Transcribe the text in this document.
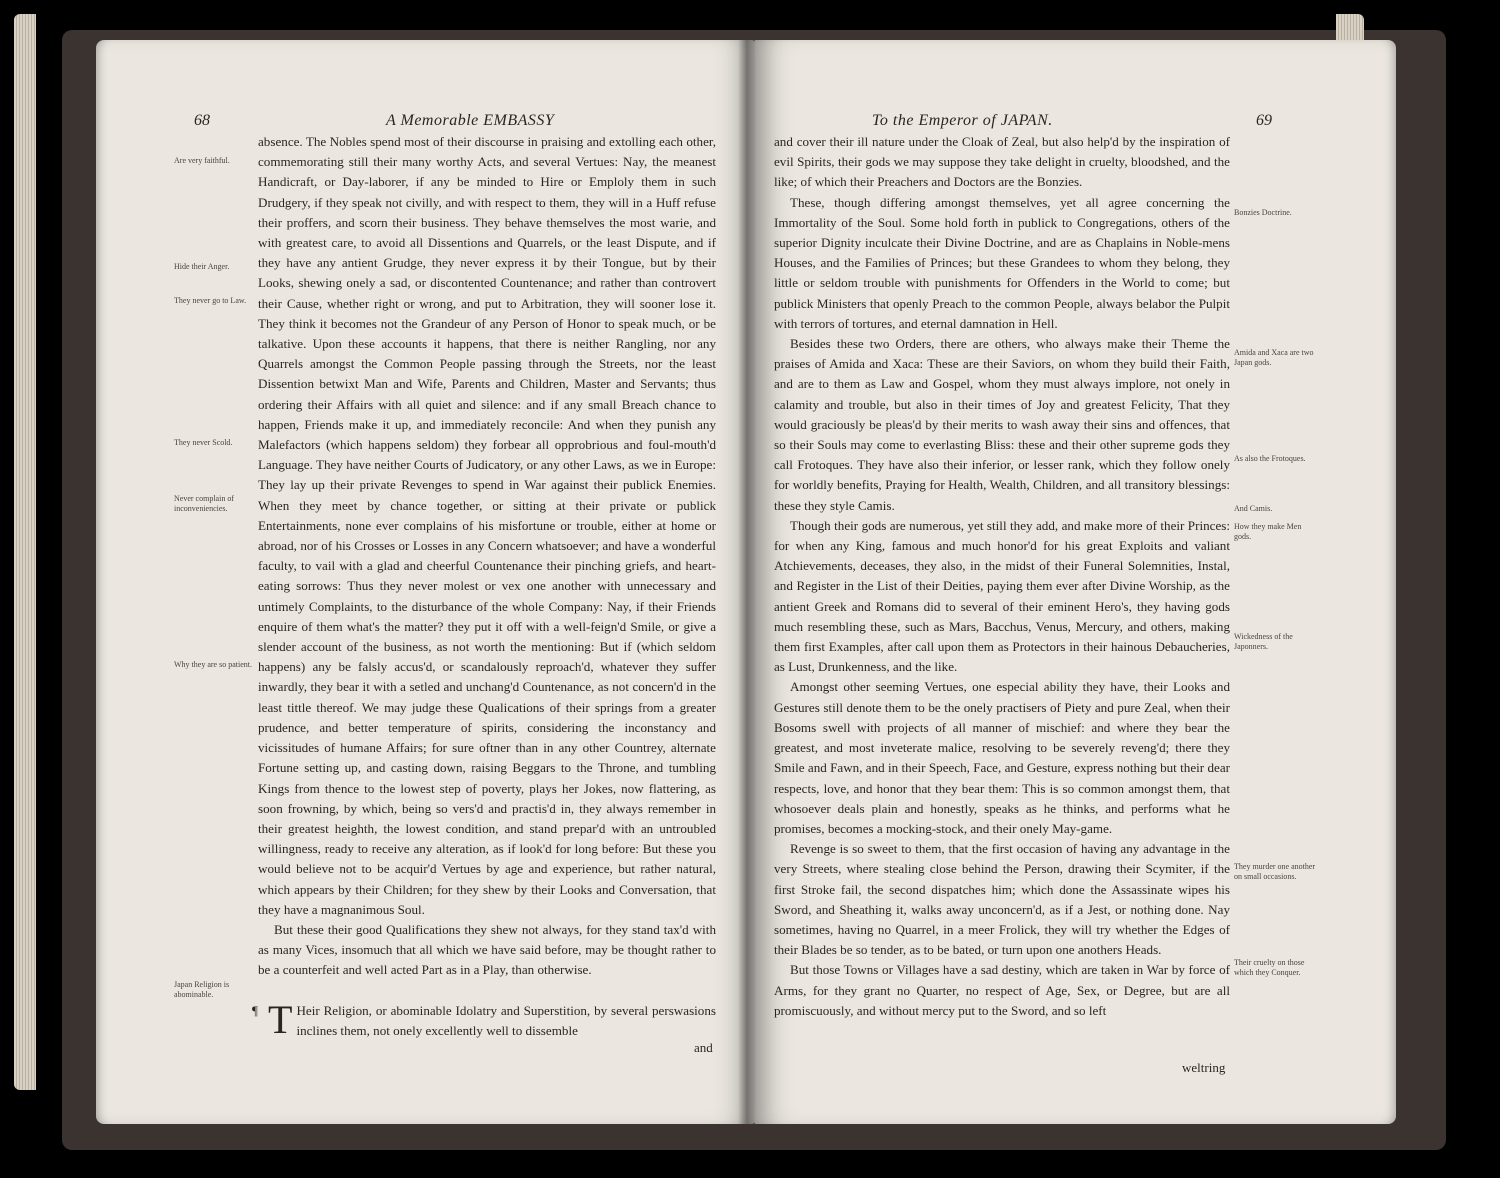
68	A Memorable EMBASSY
Are very faithful.
Hide their Anger.
They never go to Law.
They never Scold.
Never complain of inconveniencies.
Why they are so patient.
Japan Religion is abominable.

absence. The Nobles spend most of their discourse in praising and extolling each other, commemorating still their many worthy Acts, and several Vertues: Nay, the meanest Handicraft, or Day-laborer, if any be minded to Hire or Emploly them in such Drudgery, if they speak not civilly, and with respect to them, they will in a Huff refuse their proffers, and scorn their business. They behave themselves the most warie, and with greatest care, to avoid all Dissentions and Quarrels, or the least Dispute, and if they have any antient Grudge, they never express it by their Tongue, but by their Looks, shewing onely a sad, or discontented Countenance; and rather than controvert their Cause, whether right or wrong, and put to Arbitration, they will sooner lose it. They think it becomes not the Grandeur of any Person of Honor to speak much, or be talkative. Upon these accounts it happens, that there is neither Rangling, nor any Quarrels amongst the Common People passing through the Streets, nor the least Dissention betwixt Man and Wife, Parents and Children, Master and Servants; thus ordering their Affairs with all quiet and silence: and if any small Breach chance to happen, Friends make it up, and immediately reconcile: And when they punish any Malefactors (which happens seldom) they forbear all opprobrious and foul-mouth'd Language. They have neither Courts of Judicatory, or any other Laws, as we in Europe: They lay up their private Revenges to spend in War against their publick Enemies. When they meet by chance together, or sitting at their private or publick Entertainments, none ever complains of his misfortune or trouble, either at home or abroad, nor of his Crosses or Losses in any Concern whatsoever; and have a wonderful faculty, to vail with a glad and cheerful Countenance their pinching griefs, and heart-eating sorrows: Thus they never molest or vex one another with unnecessary and untimely Complaints, to the disturbance of the whole Company: Nay, if their Friends enquire of them what's the matter? they put it off with a well-feign'd Smile, or give a slender account of the business, as not worth the mentioning: But if (which seldom happens) any be falsly accus'd, or scandalously reproach'd, whatever they suffer inwardly, they bear it with a setled and unchang'd Countenance, as not concern'd in the least tittle thereof. We may judge these Qualications of their springs from a greater prudence, and better temperature of spirits, considering the inconstancy and vicissitudes of humane Affairs; for sure oftner than in any other Countrey, alternate Fortune setting up, and casting down, raising Beggars to the Throne, and tumbling Kings from thence to the lowest step of poverty, plays her Jokes, now flattering, as soon frowning, by which, being so vers'd and practis'd in, they always remember in their greatest heighth, the lowest condition, and stand prepar'd with an untroubled willingness, ready to receive any alteration, as if look'd for long before: But these you would believe not to be acquir'd Vertues by age and experience, but rather natural, which appears by their Children; for they shew by their Looks and Conversation, that they have a magnanimous Soul.

But these their good Qualifications they shew not always, for they stand tax'd with as many Vices, insomuch that all which we have said before, may be thought rather to be a counterfeit and well acted Part as in a Play, than otherwise.

¶ T Heir Religion, or abominable Idolatry and Superstition, by several perswasions inclines them, not onely excellently well to dissemble

and
To the Emperor of JAPAN.	69

and cover their ill nature under the Cloak of Zeal, but also help'd by the inspiration of evil Spirits, their gods we may suppose they take delight in cruelty, bloodshed, and the like; of which their Preachers and Doctors are the Bonzies.

These, though differing amongst themselves, yet all agree concerning the Immortality of the Soul. Some hold forth in publick to Congregations, others of the superior Dignity inculcate their Divine Doctrine, and are as Chaplains in Noble-mens Houses, and the Families of Princes; but these Grandees to whom they belong, they little or seldom trouble with punishments for Offenders in the World to come; but publick Ministers that openly Preach to the common People, always belabor the Pulpit with terrors of tortures, and eternal damnation in Hell.

Besides these two Orders, there are others, who always make their Theme the praises of Amida and Xaca: These are their Saviors, on whom they build their Faith, and are to them as Law and Gospel, whom they must always implore, not onely in calamity and trouble, but also in their times of Joy and greatest Felicity, That they would graciously be pleas'd by their merits to wash away their sins and offences, that so their Souls may come to everlasting Bliss: these and their other supreme gods they call Frotoques. They have also their inferior, or lesser rank, which they follow onely for worldly benefits, Praying for Health, Wealth, Children, and all transitory blessings: these they style Camis.

Though their gods are numerous, yet still they add, and make more of their Princes: for when any King, famous and much honor'd for his great Exploits and valiant Atchievements, deceases, they also, in the midst of their Funeral Solemnities, Instal, and Register in the List of their Deities, paying them ever after Divine Worship, as the antient Greek and Romans did to several of their eminent Hero's, they having gods much resembling these, such as Mars, Bacchus, Venus, Mercury, and others, making them first Examples, after call upon them as Protectors in their hainous Debaucheries, as Lust, Drunkenness, and the like.

Amongst other seeming Vertues, one especial ability they have, their Looks and Gestures still denote them to be the onely practisers of Piety and pure Zeal, when their Bosoms swell with projects of all manner of mischief: and where they bear the greatest, and most inveterate malice, resolving to be severely reveng'd; there they Smile and Fawn, and in their Speech, Face, and Gesture, express nothing but their dear respects, love, and honor that they bear them: This is so common amongst them, that whosoever deals plain and honestly, speaks as he thinks, and performs what he promises, becomes a mocking-stock, and their onely May-game.

Revenge is so sweet to them, that the first occasion of having any advantage in the very Streets, where stealing close behind the Person, drawing their Scymiter, if the first Stroke fail, the second dispatches him; which done the Assassinate wipes his Sword, and Sheathing it, walks away unconcern'd, as if a Jest, or nothing done. Nay sometimes, having no Quarrel, in a meer Frolick, they will try whether the Edges of their Blades be so tender, as to be bated, or turn upon one anothers Heads.

But those Towns or Villages have a sad destiny, which are taken in War by force of Arms, for they grant no Quarter, no respect of Age, Sex, or Degree, but are all promiscuously, and without mercy put to the Sword, and so left

Bonzies Doctrine.
Amida and Xaca are two Japan gods.
As also the Frotoques.
And Camis.
How they make Men gods.
Wickedness of the Japonners.
They murder one another on small occasions.
Their cruelty on those which they Conquer.
weltring
